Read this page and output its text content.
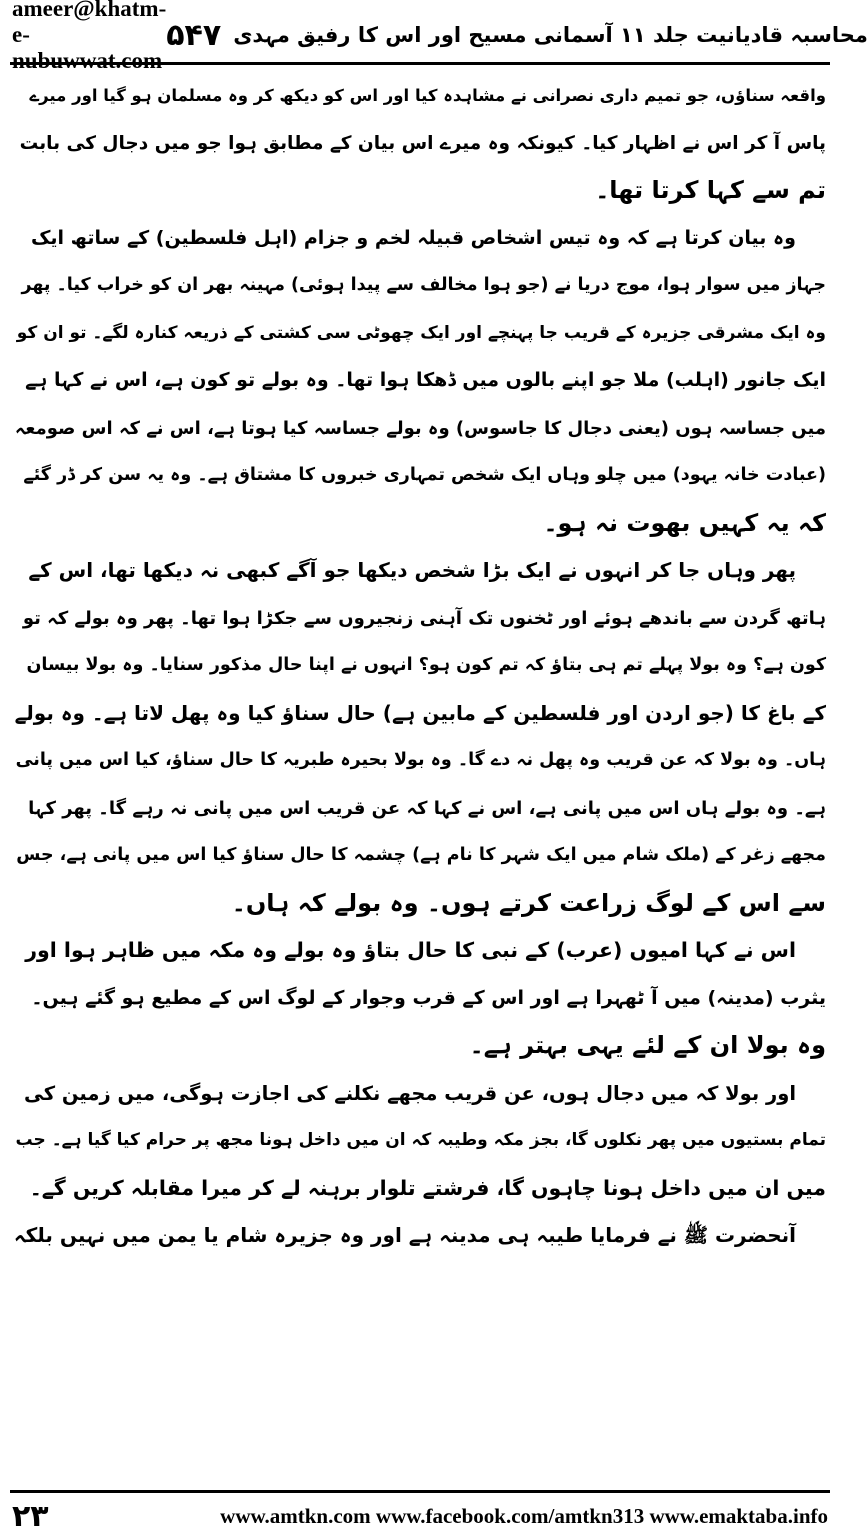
ameer@khatm-e-nubuwwat.com
محاسبہ قادیانیت جلد ۱۱ آسمانی مسیح اور اس کا رفیق مہدی
۵۴۷
واقعہ سناؤں، جو تمیم داری نصرانی نے مشاہدہ کیا اور اس کو دیکھ کر وہ مسلمان ہو گیا اور میرے
پاس آ کر اس نے اظہار کیا۔ کیونکہ وہ میرے اس بیان کے مطابق ہوا جو میں دجال کی بابت
تم سے کہا کرتا تھا۔
وہ بیان کرتا ہے کہ وہ تیس اشخاص قبیلہ لخم و جزام (اہل فلسطین) کے ساتھ ایک
جہاز میں سوار ہوا، موج دریا نے (جو ہوا مخالف سے پیدا ہوئی) مہینہ بھر ان کو خراب کیا۔ پھر
وہ ایک مشرقی جزیرہ کے قریب جا پہنچے اور ایک چھوٹی سی کشتی کے ذریعہ کنارہ لگے۔ تو ان کو
ایک جانور (اہلب) ملا جو اپنے بالوں میں ڈھکا ہوا تھا۔ وہ بولے تو کون ہے، اس نے کہا ہے
میں جساسہ ہوں (یعنی دجال کا جاسوس) وہ بولے جساسہ کیا ہوتا ہے، اس نے کہ اس صومعہ
(عبادت خانہ یہود) میں چلو وہاں ایک شخص تمہاری خبروں کا مشتاق ہے۔ وہ یہ سن کر ڈر گئے
کہ یہ کہیں بھوت نہ ہو۔
پھر وہاں جا کر انہوں نے ایک بڑا شخص دیکھا جو آگے کبھی نہ دیکھا تھا، اس کے
ہاتھ گردن سے باندھے ہوئے اور ٹخنوں تک آہنی زنجیروں سے جکڑا ہوا تھا۔ پھر وہ بولے کہ تو
کون ہے؟ وہ بولا پہلے تم ہی بتاؤ کہ تم کون ہو؟ انہوں نے اپنا حال مذکور سنایا۔ وہ بولا بیسان
کے باغ کا (جو اردن اور فلسطین کے مابین ہے) حال سناؤ کیا وہ پھل لاتا ہے۔ وہ بولے
ہاں۔ وہ بولا کہ عن قریب وہ پھل نہ دے گا۔ وہ بولا بحیرہ طبریہ کا حال سناؤ، کیا اس میں پانی
ہے۔ وہ بولے ہاں اس میں پانی ہے، اس نے کہا کہ عن قریب اس میں پانی نہ رہے گا۔ پھر کہا
مجھے زغر کے (ملک شام میں ایک شہر کا نام ہے) چشمہ کا حال سناؤ کیا اس میں پانی ہے، جس
سے اس کے لوگ زراعت کرتے ہوں۔ وہ بولے کہ ہاں۔
اس نے کہا امیوں (عرب) کے نبی کا حال بتاؤ وہ بولے وہ مکہ میں ظاہر ہوا اور
یثرب (مدینہ) میں آ ٹھہرا ہے اور اس کے قرب وجوار کے لوگ اس کے مطیع ہو گئے ہیں۔
وہ بولا ان کے لئے یہی بہتر ہے۔
اور بولا کہ میں دجال ہوں، عن قریب مجھے نکلنے کی اجازت ہوگی، میں زمین کی
تمام بستیوں میں پھر نکلوں گا، بجز مکہ وطیبہ کہ ان میں داخل ہونا مجھ پر حرام کیا گیا ہے۔ جب
میں ان میں داخل ہونا چاہوں گا، فرشتے تلوار برہنہ لے کر میرا مقابلہ کریں گے۔
آنحضرت ﷺ نے فرمایا طیبہ ہی مدینہ ہے اور وہ جزیرہ شام یا یمن میں نہیں بلکہ
۲۳	www.amtkn.com www.facebook.com/amtkn313 www.emaktaba.info
